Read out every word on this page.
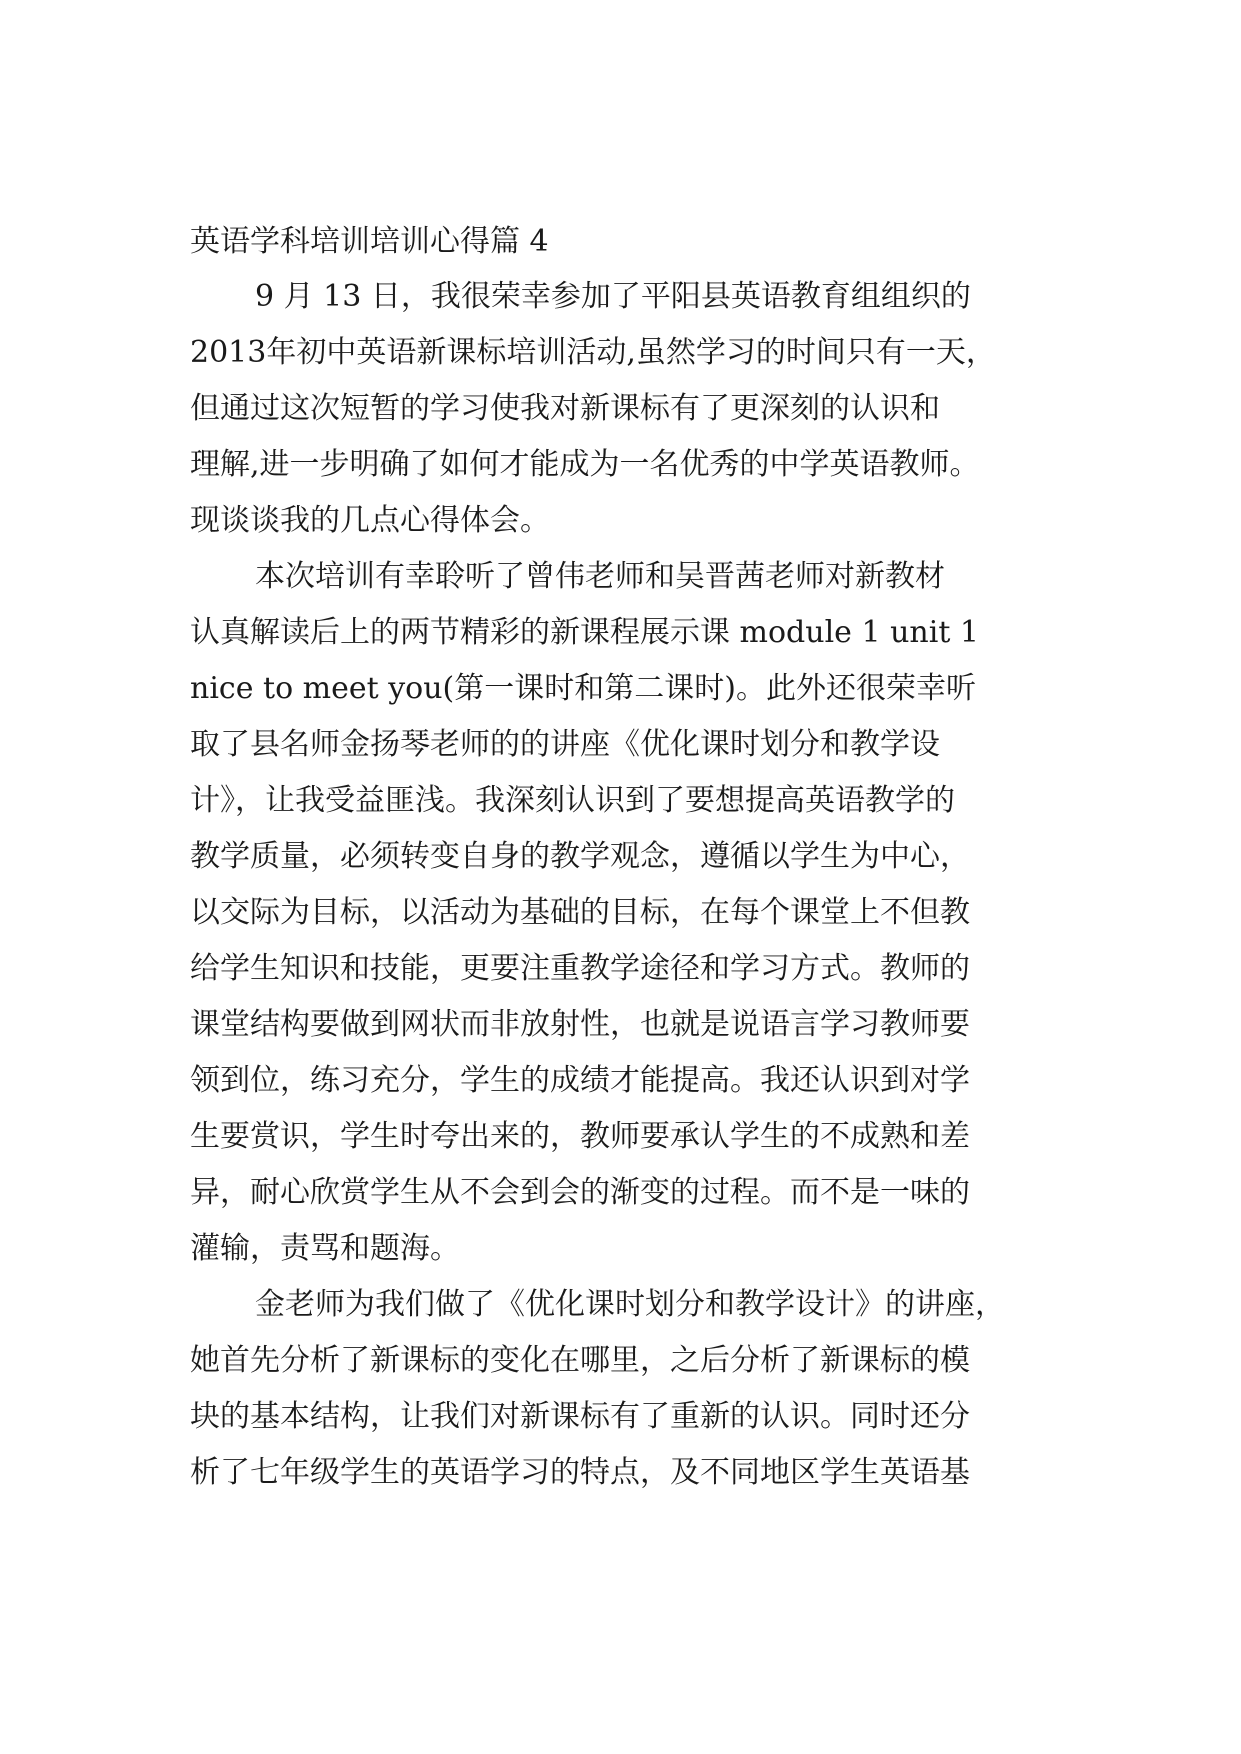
英语学科培训培训心得篇 4
9 月 13 日，我很荣幸参加了平阳县英语教育组组织的
2013年初中英语新课标培训活动,虽然学习的时间只有一天，
但通过这次短暂的学习使我对新课标有了更深刻的认识和
理解,进一步明确了如何才能成为一名优秀的中学英语教师。
现谈谈我的几点心得体会。
本次培训有幸聆听了曾伟老师和吴晋茜老师对新教材
认真解读后上的两节精彩的新课程展示课 module 1 unit 1
nice to meet you(第一课时和第二课时)。此外还很荣幸听
取了县名师金扬琴老师的的讲座《优化课时划分和教学设
计》，让我受益匪浅。我深刻认识到了要想提高英语教学的
教学质量，必须转变自身的教学观念，遵循以学生为中心，
以交际为目标，以活动为基础的目标，在每个课堂上不但教
给学生知识和技能，更要注重教学途径和学习方式。教师的
课堂结构要做到网状而非放射性，也就是说语言学习教师要
领到位，练习充分，学生的成绩才能提高。我还认识到对学
生要赏识，学生时夸出来的，教师要承认学生的不成熟和差
异，耐心欣赏学生从不会到会的渐变的过程。而不是一味的
灌输，责骂和题海。
金老师为我们做了《优化课时划分和教学设计》的讲座，
她首先分析了新课标的变化在哪里，之后分析了新课标的模
块的基本结构，让我们对新课标有了重新的认识。同时还分
析了七年级学生的英语学习的特点，及不同地区学生英语基
